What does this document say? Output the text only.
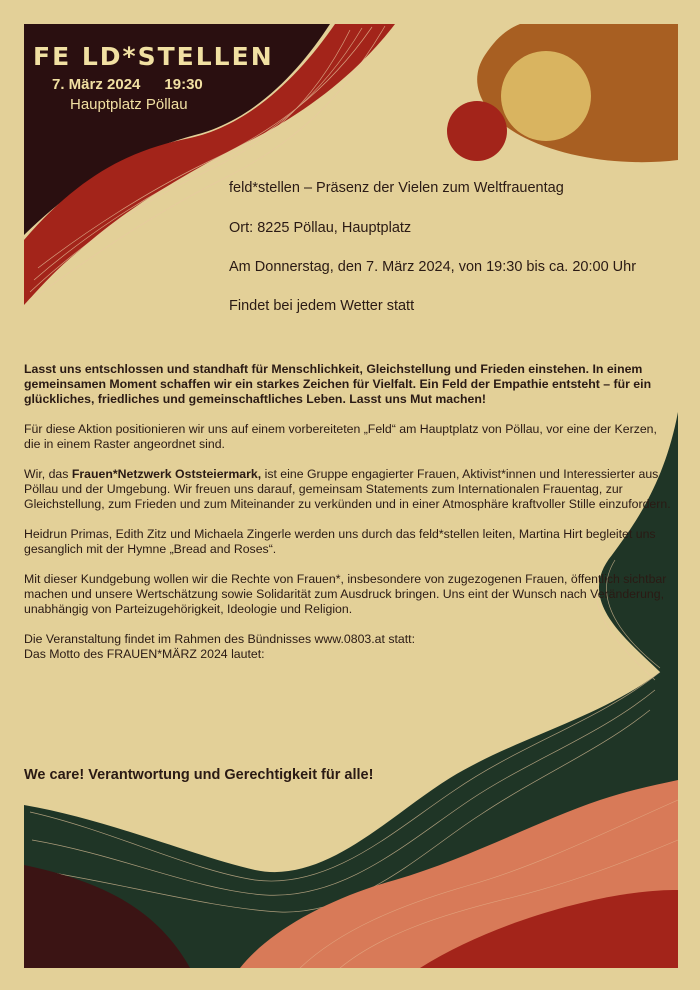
FE LD*STELLEN
7. März 2024 19:30
Hauptplatz Pöllau
feld*stellen – Präsenz der Vielen zum Weltfrauentag
Ort: 8225 Pöllau, Hauptplatz
Am Donnerstag, den 7. März 2024, von 19:30 bis ca. 20:00 Uhr
Findet bei jedem Wetter statt

Lasst uns entschlossen und standhaft für Menschlichkeit, Gleichstellung und Frieden einstehen. In einem gemeinsamen Moment schaffen wir ein starkes Zeichen für Vielfalt. Ein Feld der Empathie entsteht – für ein glückliches, friedliches und gemeinschaftliches Leben. Lasst uns Mut machen!

Für diese Aktion positionieren wir uns auf einem vorbereiteten „Feld“ am Hauptplatz von Pöllau, vor eine der Kerzen, die in einem Raster angeordnet sind.

Wir, das Frauen*Netzwerk Oststeiermark, ist eine Gruppe engagierter Frauen, Aktivist*innen und Interessierter aus Pöllau und der Umgebung. Wir freuen uns darauf, gemeinsam Statements zum Internationalen Frauentag, zur Gleichstellung, zum Frieden und zum Miteinander zu verkünden und in einer Atmosphäre kraftvoller Stille einzufordern.

Heidrun Primas, Edith Zitz und Michaela Zingerle werden uns durch das feld*stellen leiten, Martina Hirt begleitet uns gesanglich mit der Hymne „Bread and Roses“.

Mit dieser Kundgebung wollen wir die Rechte von Frauen*, insbesondere von zugezogenen Frauen, öffentlich sichtbar machen und unsere Wertschätzung sowie Solidarität zum Ausdruck bringen. Uns eint der Wunsch nach Veränderung, unabhängig von Parteizugehörigkeit, Ideologie und Religion.

Die Veranstaltung findet im Rahmen des Bündnisses www.0803.at statt:
Das Motto des FRAUEN*MÄRZ 2024 lautet:

We care! Verantwortung und Gerechtigkeit für alle!
